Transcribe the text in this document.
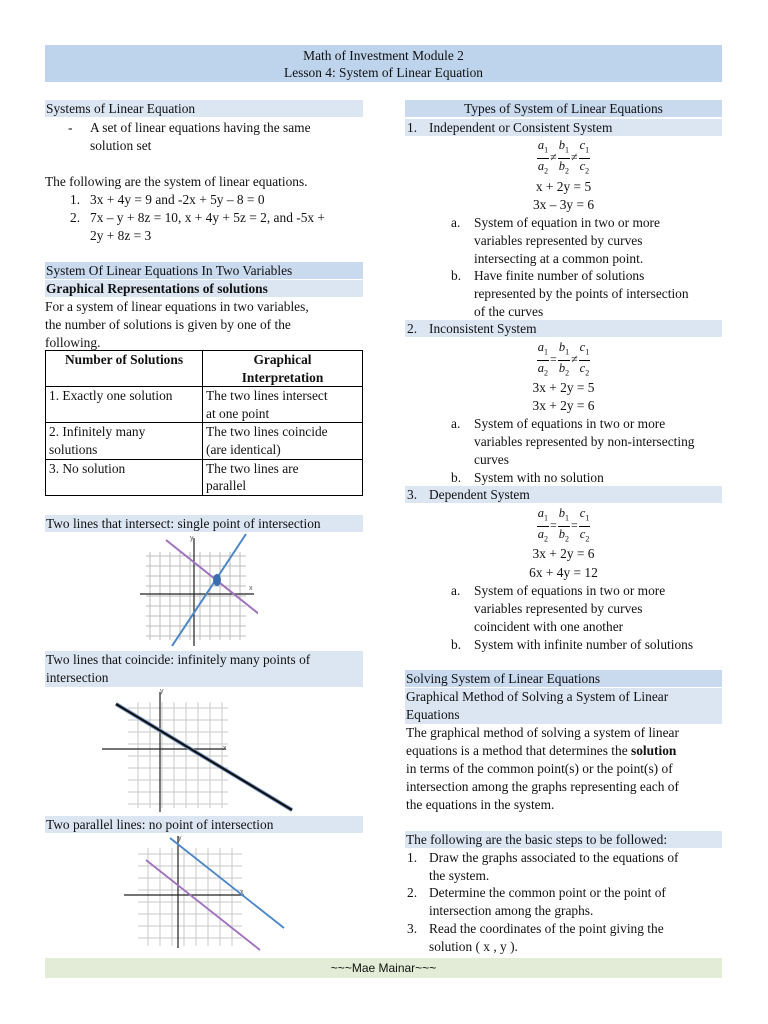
Math of Investment Module 2
Lesson 4: System of Linear Equation
Systems of Linear Equation
- A set of linear equations having the same
solution set
The following are the system of linear equations.
1. 3x + 4y = 9 and -2x + 5y – 8 = 0
2. 7x – y + 8z = 10, x + 4y + 5z = 2, and -5x +
2y + 8z = 3
System Of Linear Equations In Two Variables
Graphical Representations of solutions
For a system of linear equations in two variables,
the number of solutions is given by one of the
following.
Number of Solutions	Graphical
Interpretation
1. Exactly one solution	The two lines intersect
at one point
2. Infinitely many
solutions	The two lines coincide
(are identical)
3. No solution	The two lines are
parallel
Two lines that intersect: single point of intersection
x
y
Two lines that coincide: infinitely many points of
intersection
x
y
Two parallel lines: no point of intersection
x
y
Types of System of Linear Equations
1. Independent or Consistent System
$\frac{a_1}{a_2} \ne \frac{b_1}{b_2} \ne \frac{c_1}{c_2}$
x + 2y = 5
3x – 3y = 6
a. System of equation in two or more
variables represented by curves
intersecting at a common point.
b. Have finite number of solutions
represented by the points of intersection
of the curves
2. Inconsistent System
$\frac{a_1}{a_2} = \frac{b_1}{b_2} \ne \frac{c_1}{c_2}$
3x + 2y = 5
3x + 2y = 6
a. System of equations in two or more
variables represented by non-intersecting
curves
b. System with no solution
3. Dependent System
$\frac{a_1}{a_2} = \frac{b_1}{b_2} = \frac{c_1}{c_2}$
3x + 2y = 6
6x + 4y = 12
a. System of equations in two or more
variables represented by curves
coincident with one another
b. System with infinite number of solutions
Solving System of Linear Equations
Graphical Method of Solving a System of Linear
Equations
The graphical method of solving a system of linear
equations is a method that determines the solution
in terms of the common point(s) or the point(s) of
intersection among the graphs representing each of
the equations in the system.
The following are the basic steps to be followed:
1. Draw the graphs associated to the equations of
the system.
2. Determine the common point or the point of
intersection among the graphs.
3. Read the coordinates of the point giving the
solution ( x , y ).
~~~Mae Mainar~~~
